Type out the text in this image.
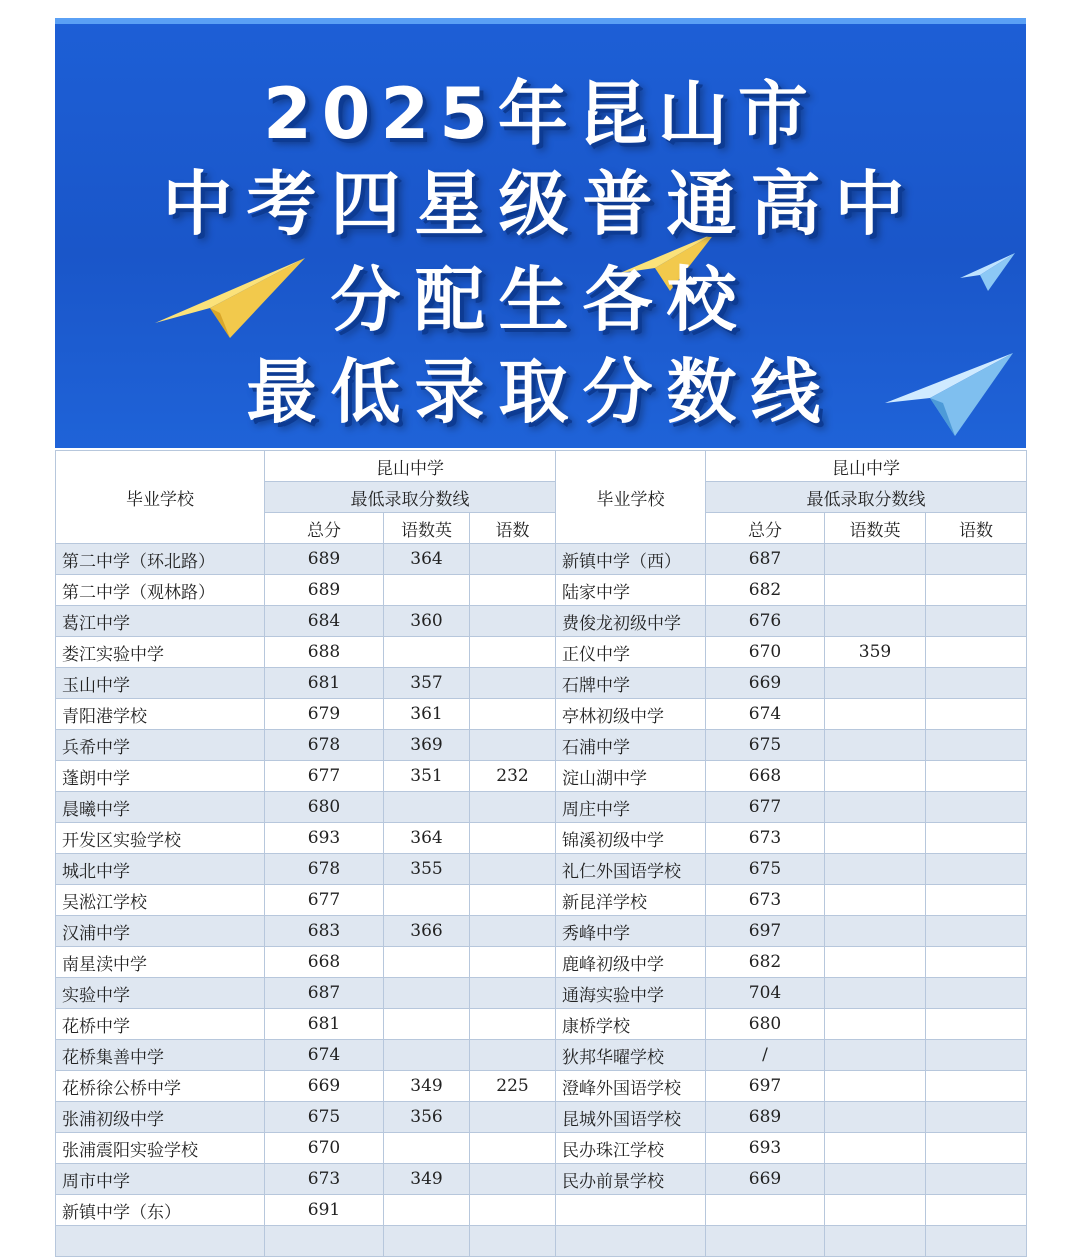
2025年昆山市
中考四星级普通高中
分配生各校
最低录取分数线
毕业学校	昆山中学			毕业学校	昆山中学		
	最低录取分数线				最低录取分数线		
	总分	语数英	语数		总分	语数英	语数
第二中学（环北路）	689	364		新镇中学（西）	687		
第二中学（观林路）	689			陆家中学	682		
葛江中学	684	360		费俊龙初级中学	676		
娄江实验中学	688			正仪中学	670	359	
玉山中学	681	357		石牌中学	669		
青阳港学校	679	361		亭林初级中学	674		
兵希中学	678	369		石浦中学	675		
蓬朗中学	677	351	232	淀山湖中学	668		
晨曦中学	680			周庄中学	677		
开发区实验学校	693	364		锦溪初级中学	673		
城北中学	678	355		礼仁外国语学校	675		
吴淞江学校	677			新昆洋学校	673		
汉浦中学	683	366		秀峰中学	697		
南星渎中学	668			鹿峰初级中学	682		
实验中学	687			通海实验中学	704		
花桥中学	681			康桥学校	680		
花桥集善中学	674			狄邦华曜学校	/		
花桥徐公桥中学	669	349	225	澄峰外国语学校	697		
张浦初级中学	675	356		昆城外国语学校	689		
张浦震阳实验学校	670			民办珠江学校	693		
周市中学	673	349		民办前景学校	669		
新镇中学（东）	691						
